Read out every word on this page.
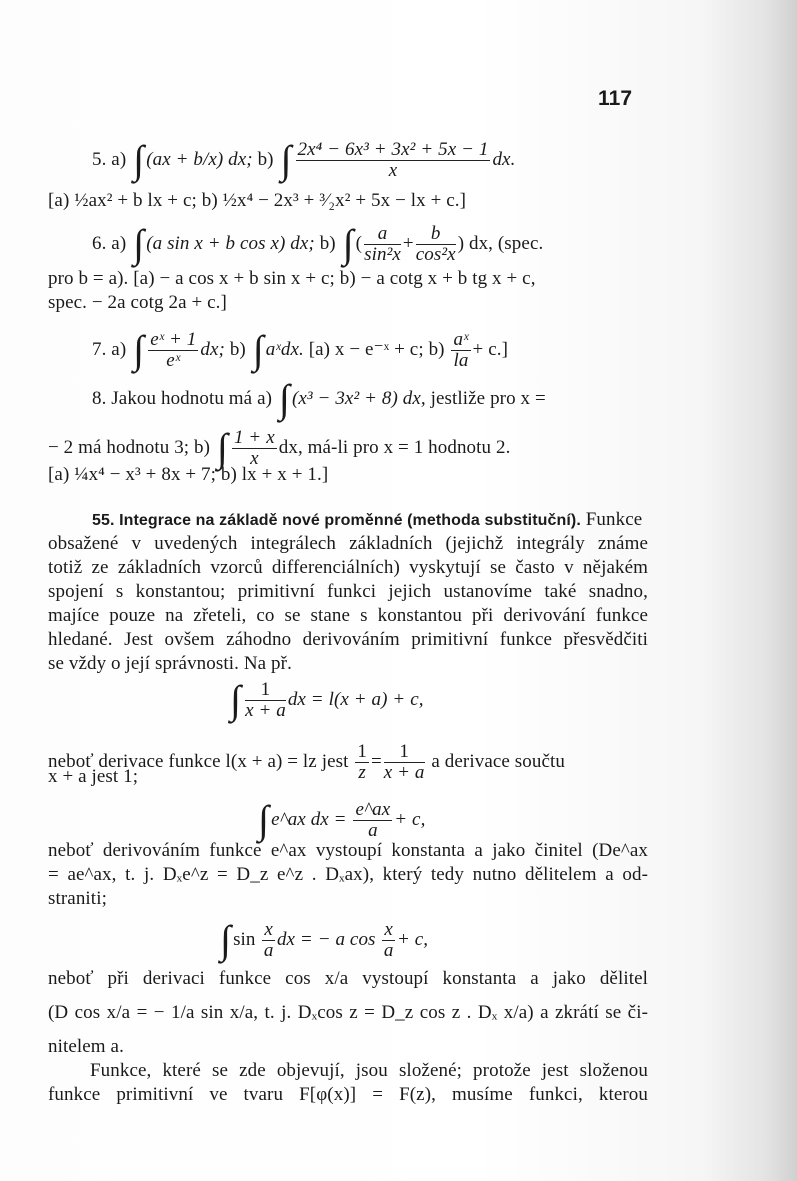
117
5. a) ∫ (ax + b/x) dx; b) ∫ $\frac{\text{2x⁴ − 6x³ + 3x² + 5x − 1}}{x}$ dx.
[a) ½ax² + b lx + c; b) ½x⁴ − 2x³ + ³⁄₂x² + 5x − lx + c.]
6. a) ∫ (a sin x + b cos x) dx; b) ∫ ( $\frac{a}{\text{sin²x}} + \frac{b}{\text{cos²x}}$ ) dx, (spec.
pro b = a). [a) − a cos x + b sin x + c; b) − a cotg x + b tg x + c,
spec. − 2a cotg 2a + c.]
7. a) ∫ $\frac{\text{eˣ + 1}}{\text{eˣ}}$ dx; b) ∫ aˣdx. [a) x − e⁻ˣ + c; $b) \frac{\text{aˣ}}{la} + c$.]
8. Jakou hodnotu má a) ∫ (x³ − 3x² + 8) dx, jestliže pro x =
− 2 má hodnotu 3; b) ∫ $\frac{1 + x}{x}$ dx, má-li pro x = 1 hodnotu 2.
[a) ¼x⁴ − x³ + 8x + 7; b) lx + x + 1.]
55. Integrace na základě nové proměnné (methoda substituční). Funkce
obsažené v uvedených integrálech základních (jejichž integrály známe
totiž ze základních vzorců differenciálních) vyskytují se často v nějakém
spojení s konstantou; primitivní funkci jejich ustanovíme také snadno,
majíce pouze na zřeteli, co se stane s konstantou při derivování funkce
hledané. Jest ovšem záhodno derivováním primitivní funkce přesvědčiti
se vždy o její správnosti. Na př.
∫ $\frac{1}{x + a}$ dx = l(x + a) + c,
neboť derivace funkce l(x + a) = lz jest $\frac{1}{z} = \frac{1}{x + a}$ a derivace součtu
x + a jest 1;
∫ e^ax dx = $\frac{e\^{}ax}{a} + c$,
neboť derivováním funkce e^ax vystoupí konstanta a jako činitel (De^ax
= ae^ax, t. j. Dₓe^z = D_z e^z . Dₓax), který tedy nutno dělitelem a od-
straniti;
∫ $\sin \frac{x}{a}$ dx = − a $\cos \frac{x}{a} + c$,
neboť při derivaci funkce cos x/a vystoupí konstanta a jako dělitel
(D cos x/a = − 1/a sin x/a, t. j. Dₓcos z = D_z cos z . Dₓ x/a) a zkrátí se či-
nitelem a.
Funkce, které se zde objevují, jsou složené; protože jest složenou
funkce primitivní ve tvaru F[φ(x)] = F(z), musíme funkci, kterou
